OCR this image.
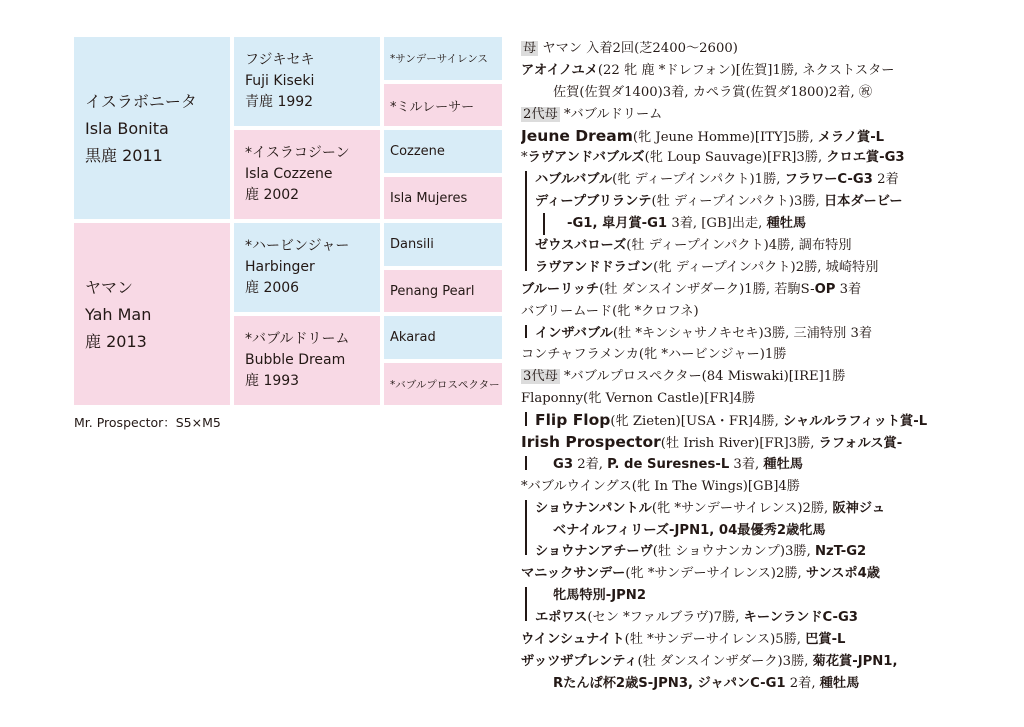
イスラボニータ
Isla Bonita
黒鹿 2011
ヤマン
Yah Man
鹿 2013
フジキセキ
Fuji Kiseki
青鹿 1992
*イスラコジーン
Isla Cozzene
鹿 2002
*ハービンジャー
Harbinger
鹿 2006
*バブルドリーム
Bubble Dream
鹿 1993
*サンデーサイレンス
*ミルレーサー
Cozzene
Isla Mujeres
Dansili
Penang Pearl
Akarad
*バブルプロスペクター
Mr. Prospector：S5×M5
母 ヤマン 入着2回(芝2400〜2600)
アオイノユメ(22 牝 鹿 *ドレフォン)[佐賀]1勝, ネクストスター
佐賀(佐賀ダ1400)3着, カペラ賞(佐賀ダ1800)2着, ㊗
2代母 *バブルドリーム
Jeune Dream(牝 Jeune Homme)[ITY]5勝, メラノ賞-L
*ラヴアンドバブルズ(牝 Loup Sauvage)[FR]3勝, クロエ賞-G3
ハブルバブル(牝 ディープインパクト)1勝, フラワーC-G3 2着
ディープブリランテ(牡 ディープインパクト)3勝, 日本ダービー
-G1, 皐月賞-G1 3着, [GB]出走, 種牡馬
ゼウスバローズ(牡 ディープインパクト)4勝, 調布特別
ラヴアンドドラゴン(牝 ディープインパクト)2勝, 城崎特別
ブルーリッチ(牡 ダンスインザダーク)1勝, 若駒S-OP 3着
バブリームード(牝 *クロフネ)
インザバブル(牡 *キンシャサノキセキ)3勝, 三浦特別 3着
コンチャフラメンカ(牝 *ハービンジャー)1勝
3代母 *バブルプロスペクター(84 Miswaki)[IRE]1勝
Flaponny(牝 Vernon Castle)[FR]4勝
Flip Flop(牝 Zieten)[USA・FR]4勝, シャルルラフィット賞-L
Irish Prospector(牡 Irish River)[FR]3勝, ラフォルス賞-
G3 2着, P. de Suresnes-L 3着, 種牡馬
*バブルウイングス(牝 In The Wings)[GB]4勝
ショウナンパントル(牝 *サンデーサイレンス)2勝, 阪神ジュ
ベナイルフィリーズ-JPN1, 04最優秀2歳牝馬
ショウナンアチーヴ(牡 ショウナンカンプ)3勝, NzT-G2
マニックサンデー(牝 *サンデーサイレンス)2勝, サンスポ4歳
牝馬特別-JPN2
エポワス(セン *ファルブラヴ)7勝, キーンランドC-G3
ウインシュナイト(牡 *サンデーサイレンス)5勝, 巴賞-L
ザッツザプレンティ(牡 ダンスインザダーク)3勝, 菊花賞-JPN1,
Rたんぱ杯2歳S-JPN3, ジャパンC-G1 2着, 種牡馬
